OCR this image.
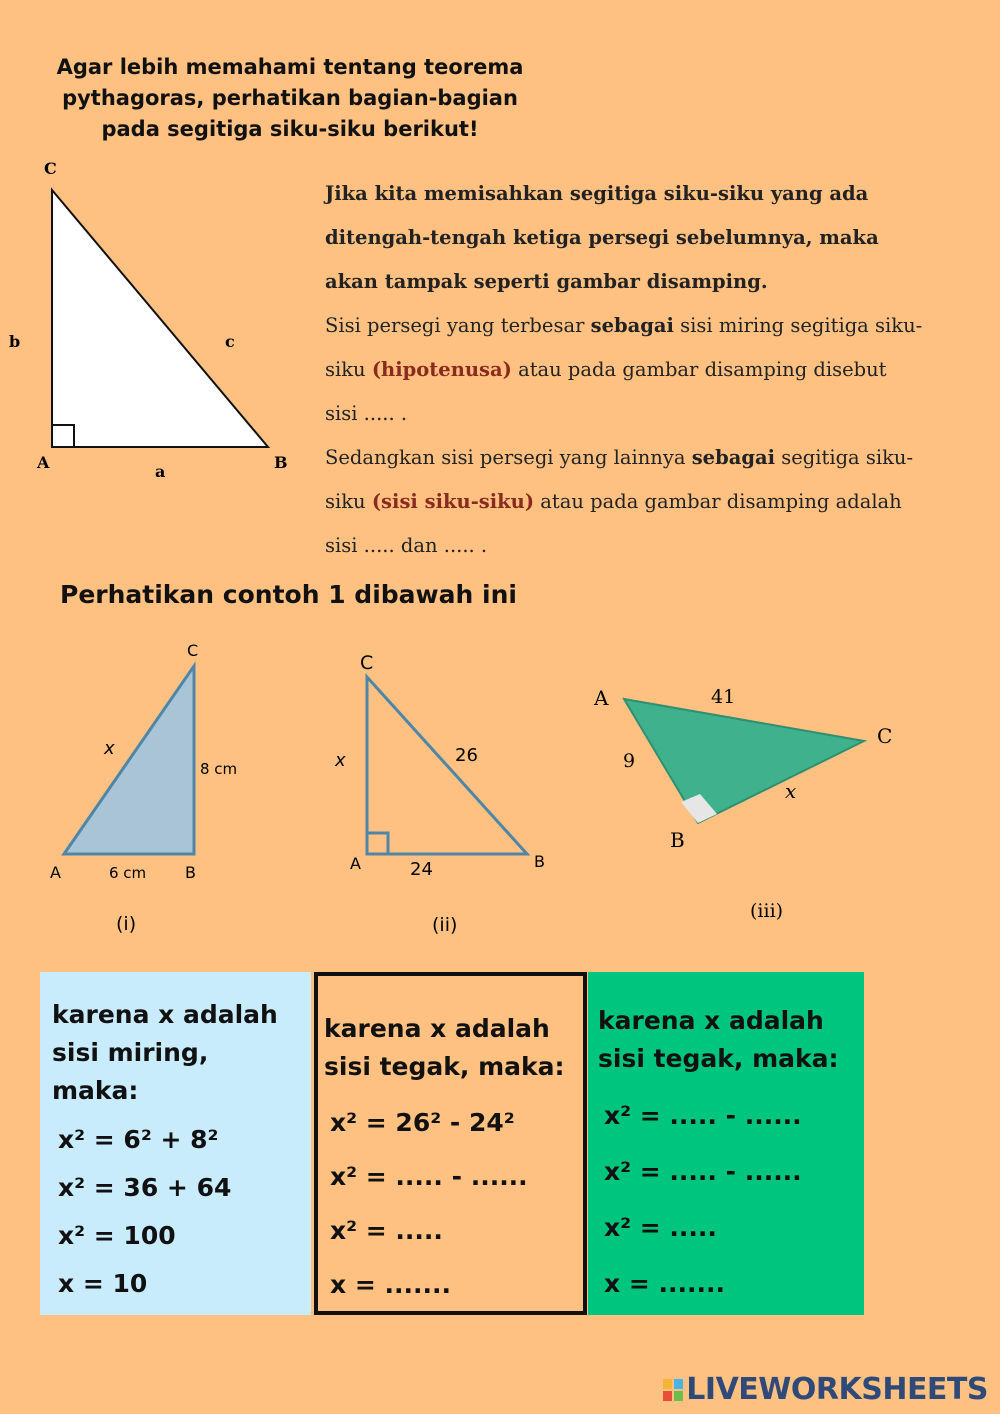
Agar lebih memahami tentang teorema
pythagoras, perhatikan bagian-bagian
pada segitiga siku-siku berikut!
C
A	B
b	c
a
Jika kita memisahkan segitiga siku-siku yang ada
ditengah-tengah ketiga persegi sebelumnya, maka
akan tampak seperti gambar disamping.
Sisi persegi yang terbesar sebagai sisi miring segitiga siku-
siku (hipotenusa) atau pada gambar disamping disebut
sisi ..... .
Sedangkan sisi persegi yang lainnya sebagai segitiga siku-
siku (sisi siku-siku) atau pada gambar disamping adalah
sisi ..... dan ..... .
Perhatikan contoh 1 dibawah ini
C
A	B
x
8 cm
6 cm
(i)
C
A	B
x	26
24
(ii)
A
C
B
41
9
x
(iii)
karena x adalah
sisi miring,
maka:
x² = 6² + 8²
x² = 36 + 64
x² = 100
x = 10
karena x adalah
sisi tegak, maka:
x² = 26² - 24²
x² = ..... - ......
x² = .....
x = .......
karena x adalah
sisi tegak, maka:
x² = ..... - ......
x² = ..... - ......
x² = .....
x = .......
LIVEWORKSHEETS
